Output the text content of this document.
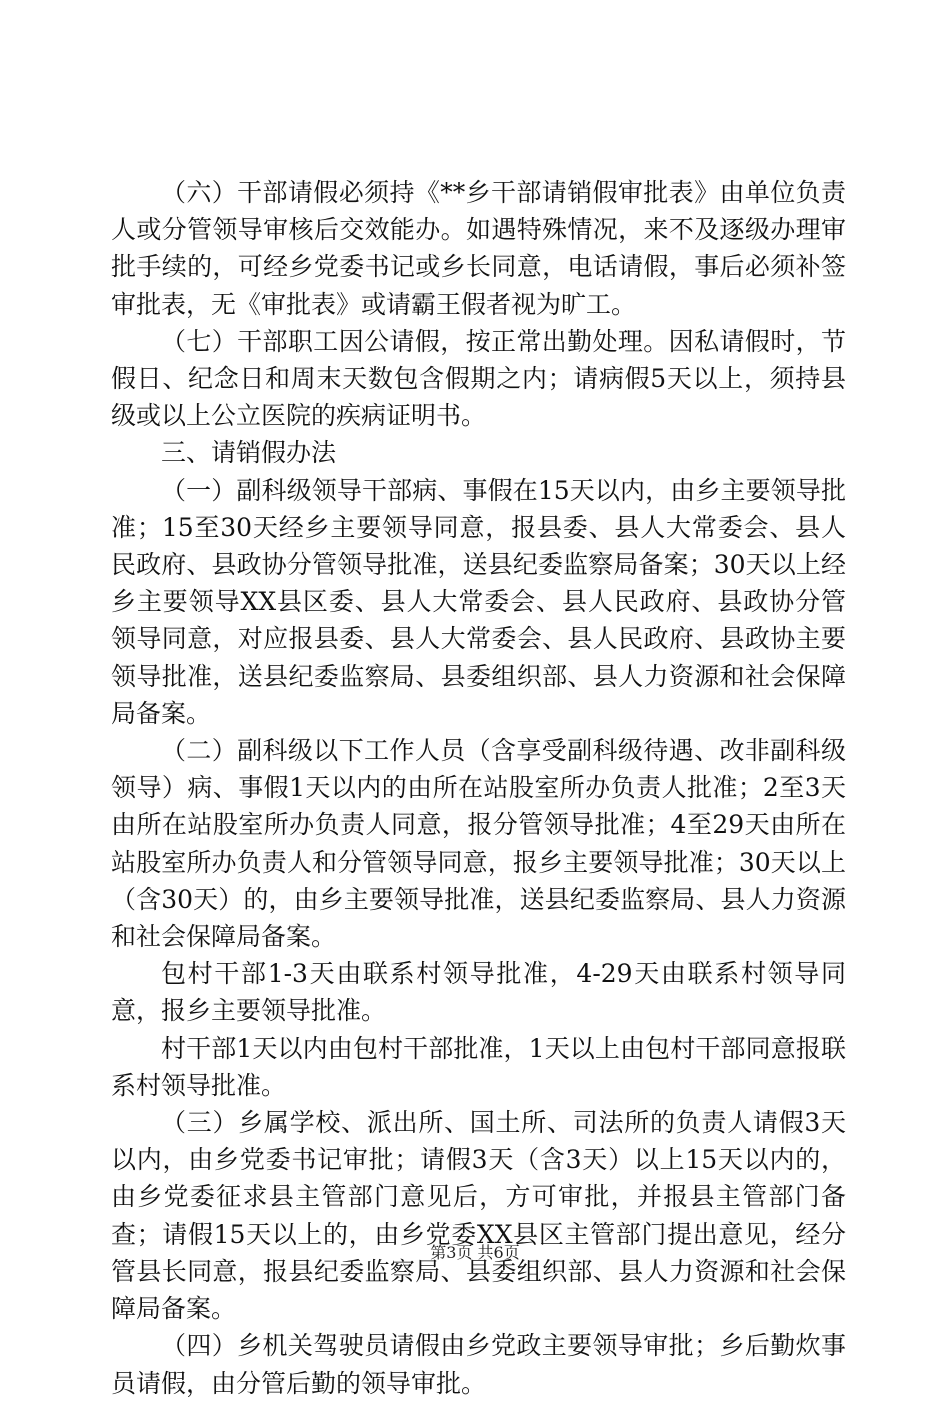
（六）干部请假必须持《**乡干部请销假审批表》由单位负责人或分管领导审核后交效能办。如遇特殊情况，来不及逐级办理审批手续的，可经乡党委书记或乡长同意，电话请假，事后必须补签审批表，无《审批表》或请霸王假者视为旷工。

（七）干部职工因公请假，按正常出勤处理。因私请假时，节假日、纪念日和周末天数包含假期之内；请病假5天以上，须持县级或以上公立医院的疾病证明书。

三、请销假办法

（一）副科级领导干部病、事假在15天以内，由乡主要领导批准；15至30天经乡主要领导同意，报县委、县人大常委会、县人民政府、县政协分管领导批准，送县纪委监察局备案；30天以上经乡主要领导XX县区委、县人大常委会、县人民政府、县政协分管领导同意，对应报县委、县人大常委会、县人民政府、县政协主要领导批准，送县纪委监察局、县委组织部、县人力资源和社会保障局备案。

（二）副科级以下工作人员（含享受副科级待遇、改非副科级领导）病、事假1天以内的由所在站股室所办负责人批准；2至3天由所在站股室所办负责人同意，报分管领导批准；4至29天由所在站股室所办负责人和分管领导同意，报乡主要领导批准；30天以上（含30天）的，由乡主要领导批准，送县纪委监察局、县人力资源和社会保障局备案。

包村干部1-3天由联系村领导批准，4-29天由联系村领导同意，报乡主要领导批准。

村干部1天以内由包村干部批准，1天以上由包村干部同意报联系村领导批准。

（三）乡属学校、派出所、国土所、司法所的负责人请假3天以内，由乡党委书记审批；请假3天（含3天）以上15天以内的，由乡党委征求县主管部门意见后，方可审批，并报县主管部门备查；请假15天以上的，由乡党委XX县区主管部门提出意见，经分管县长同意，报县纪委监察局、县委组织部、县人力资源和社会保障局备案。

（四）乡机关驾驶员请假由乡党政主要领导审批；乡后勤炊事员请假，由分管后勤的领导审批。

第3页 共6页
